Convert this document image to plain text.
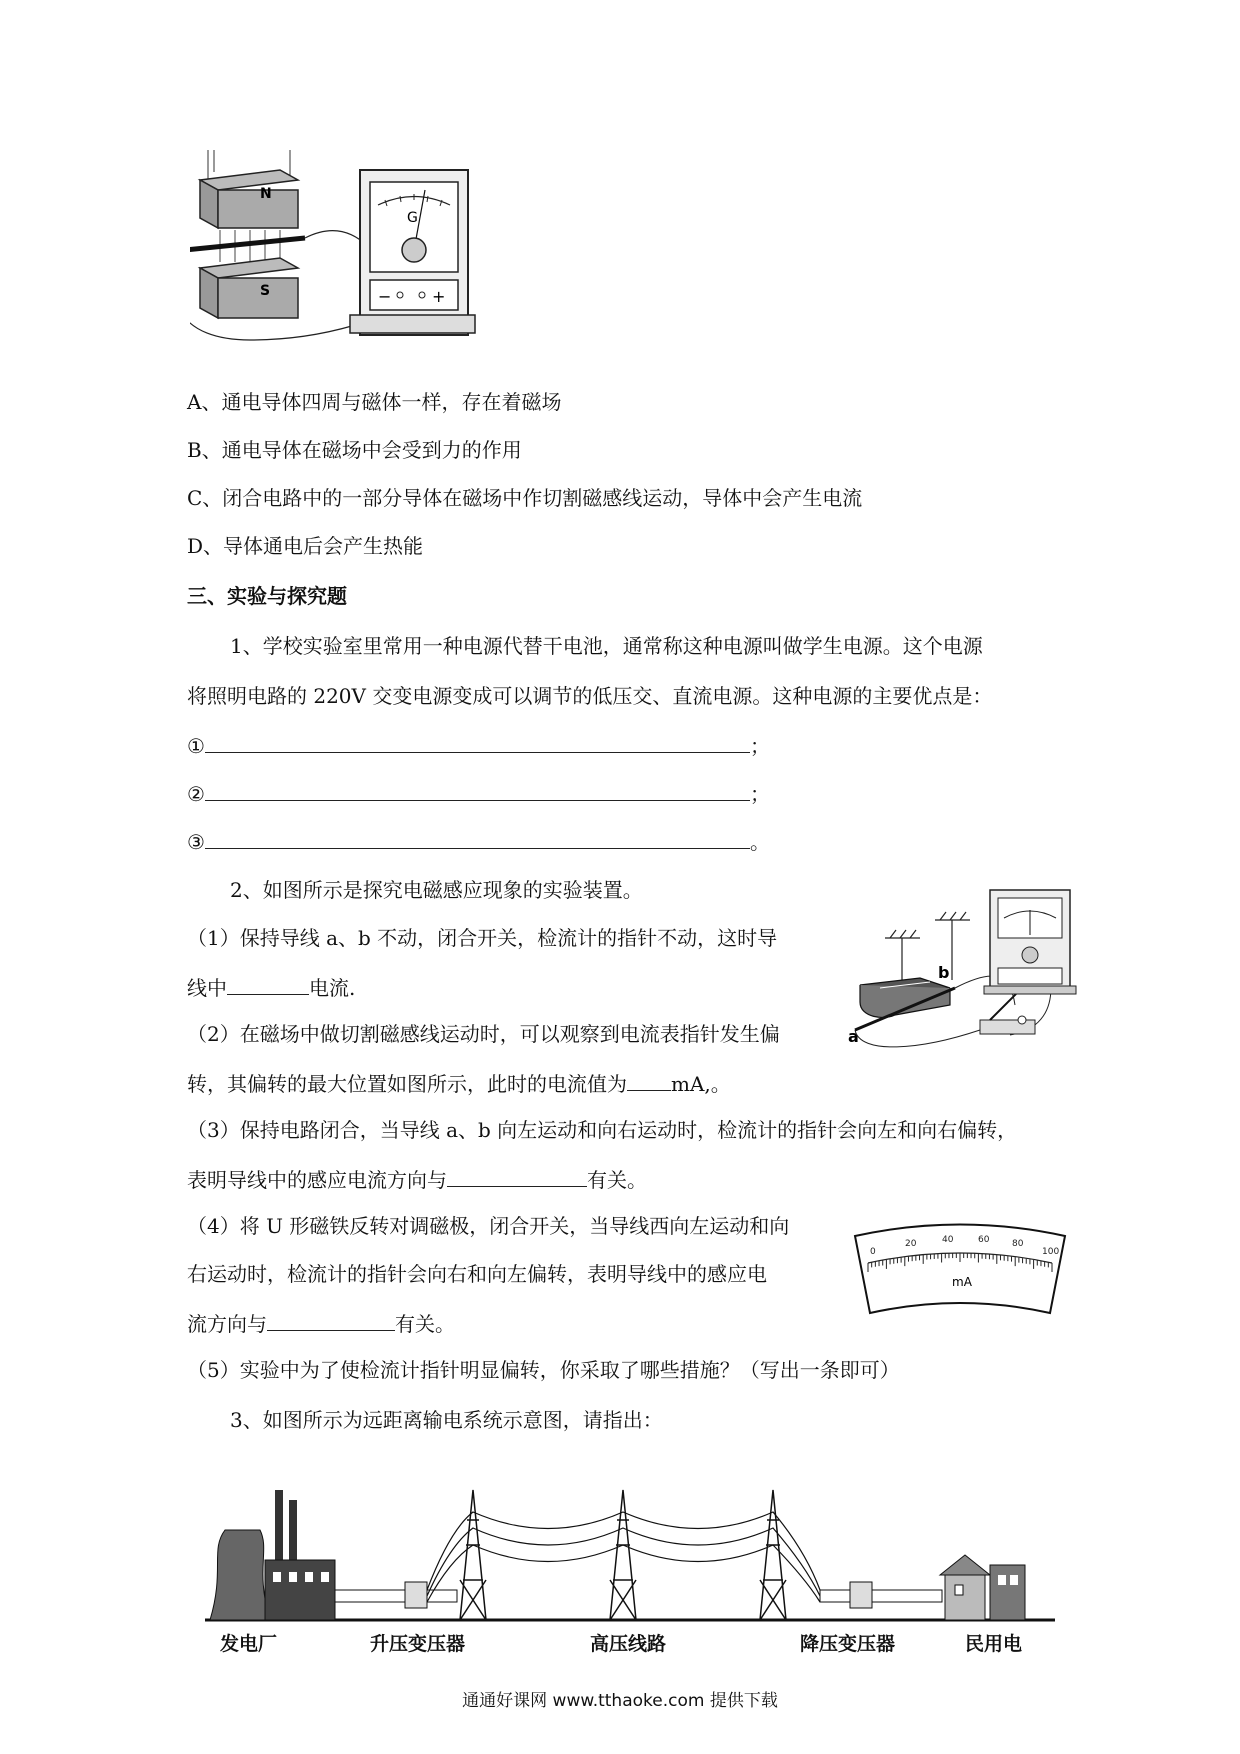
N
S
G
−	+
A、通电导体四周与磁体一样，存在着磁场
B、通电导体在磁场中会受到力的作用
C、闭合电路中的一部分导体在磁场中作切割磁感线运动，导体中会产生电流
D、导体通电后会产生热能
三、实验与探究题
1、学校实验室里常用一种电源代替干电池，通常称这种电源叫做学生电源。这个电源
将照明电路的 220V 交变电源变成可以调节的低压交、直流电源。这种电源的主要优点是：
①	；
②	；
③	。
2、如图所示是探究电磁感应现象的实验装置。
（1）保持导线 a、b 不动，闭合开关，检流计的指针不动，这时导
线中	电流.
（2）在磁场中做切割磁感线运动时，可以观察到电流表指针发生偏
转，其偏转的最大位置如图所示，此时的电流值为 mA,。
（3）保持电路闭合，当导线 a、b 向左运动和向右运动时，检流计的指针会向左和向右偏转，
表明导线中的感应电流方向与	有关。
（4）将 U 形磁铁反转对调磁极，闭合开关，当导线西向左运动和向
右运动时，检流计的指针会向右和向左偏转，表明导线中的感应电
流方向与	有关。
（5）实验中为了使检流计指针明显偏转，你采取了哪些措施？（写出一条即可）
a
b
0
20	40	60	80
100
mA
3、如图所示为远距离输电系统示意图，请指出：
发电厂	升压变压器	高压线路	降压变压器	民用电
通通好课网 www.tthaoke.com 提供下载
